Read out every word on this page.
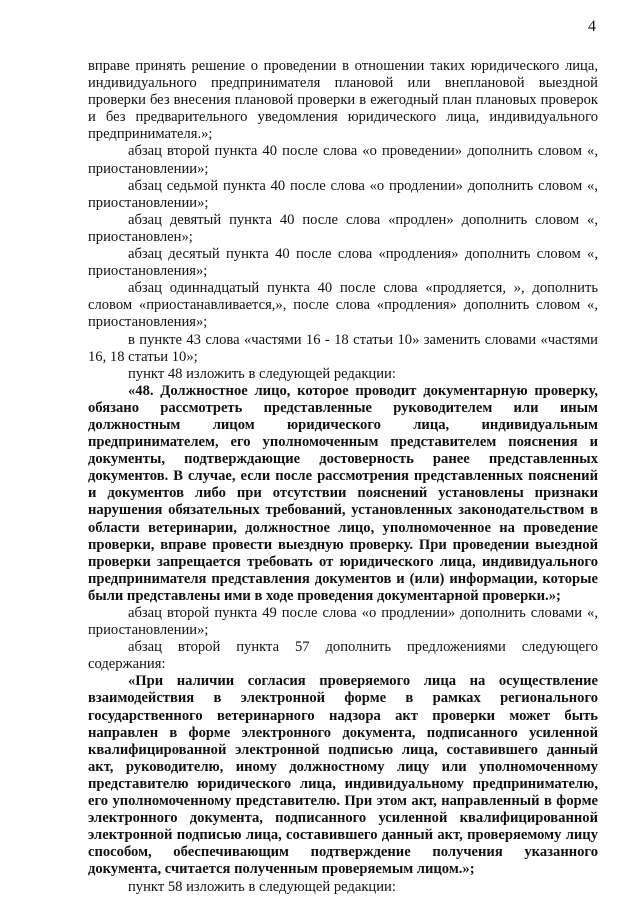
4

вправе принять решение о проведении в отношении таких юридического лица, индивидуального предпринимателя плановой или внеплановой выездной проверки без внесения плановой проверки в ежегодный план плановых проверок и без предварительного уведомления юридического лица, индивидуального предпринимателя.»;

абзац второй пункта 40 после слова «о проведении» дополнить словом «, приостановлении»;

абзац седьмой пункта 40 после слова «о продлении» дополнить словом «, приостановлении»;

абзац девятый пункта 40 после слова «продлен» дополнить словом «, приостановлен»;

абзац десятый пункта 40 после слова «продления» дополнить словом «, приостановления»;

абзац одиннадцатый пункта 40 после слова «продляется, », дополнить словом «приостанавливается,», после слова «продления» дополнить словом «, приостановления»;

в пункте 43 слова «частями 16 - 18 статьи 10» заменить словами «частями 16, 18 статьи 10»;

пункт 48 изложить в следующей редакции:

«48. Должностное лицо, которое проводит документарную проверку, обязано рассмотреть представленные руководителем или иным должностным лицом юридического лица, индивидуальным предпринимателем, его уполномоченным представителем пояснения и документы, подтверждающие достоверность ранее представленных документов. В случае, если после рассмотрения представленных пояснений и документов либо при отсутствии пояснений установлены признаки нарушения обязательных требований, установленных законодательством в области ветеринарии, должностное лицо, уполномоченное на проведение проверки, вправе провести выездную проверку. При проведении выездной проверки запрещается требовать от юридического лица, индивидуального предпринимателя представления документов и (или) информации, которые были представлены ими в ходе проведения документарной проверки.»;

абзац второй пункта 49 после слова «о продлении» дополнить словами «, приостановлении»;

абзац второй пункта 57 дополнить предложениями следующего содержания:

«При наличии согласия проверяемого лица на осуществление взаимодействия в электронной форме в рамках регионального государственного ветеринарного надзора акт проверки может быть направлен в форме электронного документа, подписанного усиленной квалифицированной электронной подписью лица, составившего данный акт, руководителю, иному должностному лицу или уполномоченному представителю юридического лица, индивидуальному предпринимателю, его уполномоченному представителю. При этом акт, направленный в форме электронного документа, подписанного усиленной квалифицированной электронной подписью лица, составившего данный акт, проверяемому лицу способом, обеспечивающим подтверждение получения указанного документа, считается полученным проверяемым лицом.»;

пункт 58 изложить в следующей редакции:
